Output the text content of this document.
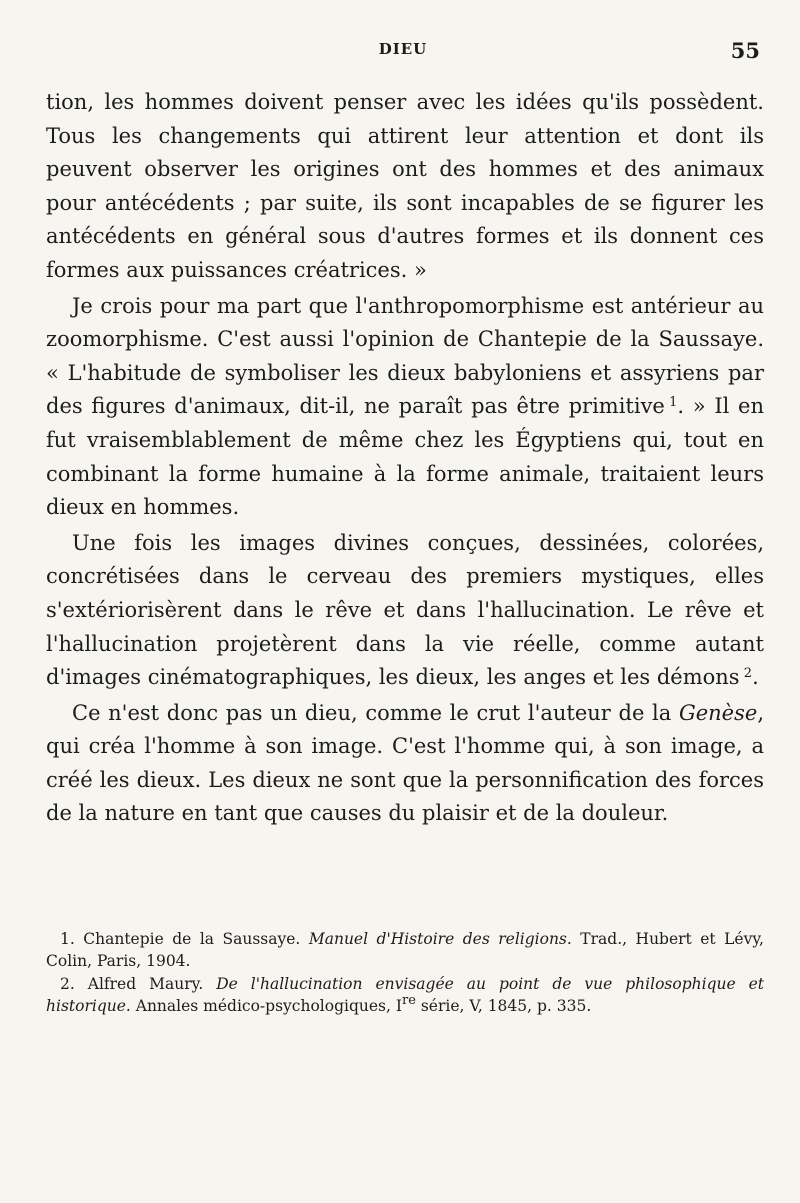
DIEU	55

tion, les hommes doivent penser avec les idées qu'ils possèdent. Tous les changements qui attirent leur attention et dont ils peuvent observer les origines ont des hommes et des animaux pour antécédents ; par suite, ils sont incapables de se figurer les antécédents en général sous d'autres formes et ils donnent ces formes aux puissances créatrices. »

Je crois pour ma part que l'anthropomorphisme est antérieur au zoomorphisme. C'est aussi l'opinion de Chantepie de la Saussaye. « L'habitude de symboliser les dieux babyloniens et assyriens par des figures d'animaux, dit-il, ne paraît pas être primitive  $^1$. » Il en fut vraisemblablement de même chez les Égyptiens qui, tout en combinant la forme humaine à la forme animale, traitaient leurs dieux en hommes.

Une fois les images divines conçues, dessinées, colorées, concrétisées dans le cerveau des premiers mystiques, elles s'extériorisèrent dans le rêve et dans l'hallucination. Le rêve et l'hallucination projetèrent dans la vie réelle, comme autant d'images cinématographiques, les dieux, les anges et les démons  $^2$.

Ce n'est donc pas un dieu, comme le crut l'auteur de la Genèse, qui créa l'homme à son image. C'est l'homme qui, à son image, a créé les dieux. Les dieux ne sont que la personnification des forces de la nature en tant que causes du plaisir et de la douleur.

1. Chantepie de la Saussaye. Manuel d'Histoire des religions. Trad., Hubert et Lévy, Colin, Paris, 1904.

2. Alfred Maury. De l'hallucination envisagée au point de vue philosophique et historique. Annales médico-psychologiques, Ire série, V, 1845, p. 335.
